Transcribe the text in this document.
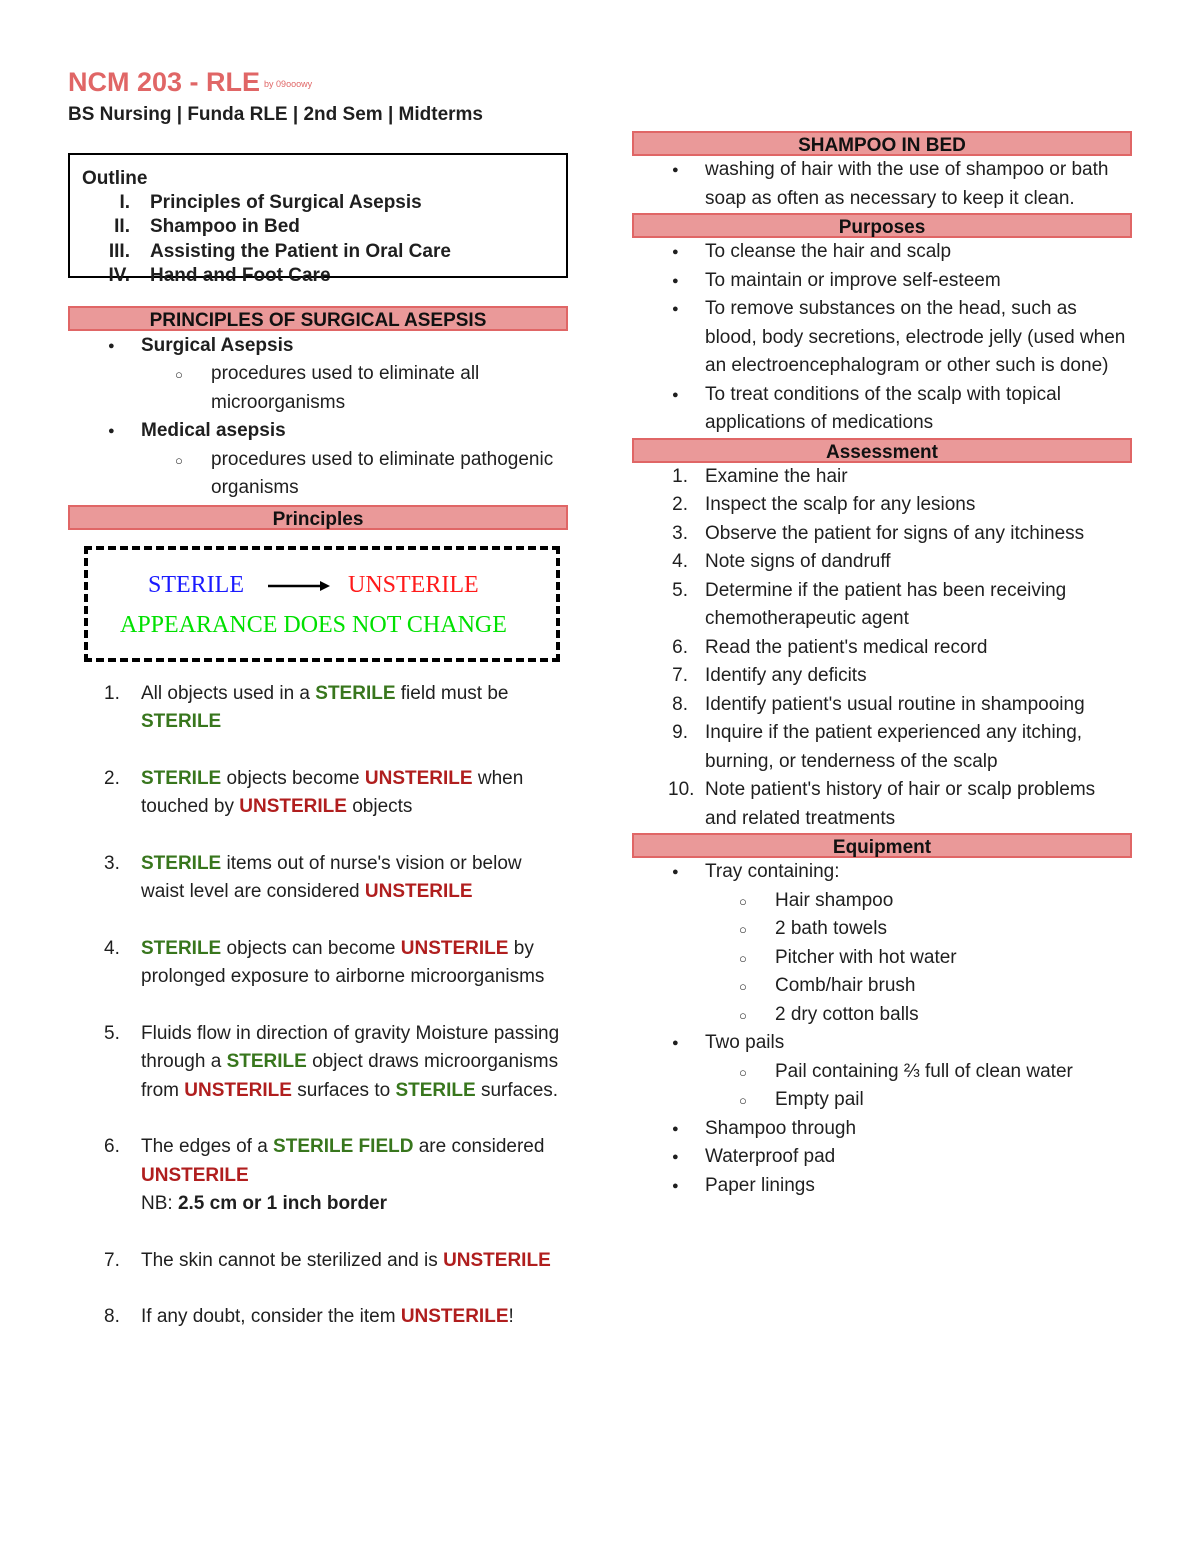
NCM 203 - RLE by 09ooowy
BS Nursing | Funda RLE | 2nd Sem | Midterms
Outline
I.	Principles of Surgical Asepsis
II.	Shampoo in Bed
III.	Assisting the Patient in Oral Care
IV.	Hand and Foot Care
PRINCIPLES OF SURGICAL ASEPSIS
● Surgical Asepsis
○ procedures used to eliminate all microorganisms
● Medical asepsis
○ procedures used to eliminate pathogenic organisms
Principles
STERILE	UNSTERILE
APPEARANCE DOES NOT CHANGE
1. All objects used in a STERILE field must be STERILE
2. STERILE objects become UNSTERILE when touched by UNSTERILE objects
3. STERILE items out of nurse's vision or below waist level are considered UNSTERILE
4. STERILE objects can become UNSTERILE by prolonged exposure to airborne microorganisms
5. Fluids flow in direction of gravity Moisture passing through a STERILE object draws microorganisms from UNSTERILE surfaces to STERILE surfaces.
6. The edges of a STERILE FIELD are considered UNSTERILE
NB: 2.5 cm or 1 inch border
7. The skin cannot be sterilized and is UNSTERILE
8. If any doubt, consider the item UNSTERILE!
SHAMPOO IN BED
● washing of hair with the use of shampoo or bath soap as often as necessary to keep it clean.
Purposes
● To cleanse the hair and scalp
● To maintain or improve self-esteem
● To remove substances on the head, such as blood, body secretions, electrode jelly (used when an electroencephalogram or other such is done)
● To treat conditions of the scalp with topical applications of medications
Assessment
1. Examine the hair
2. Inspect the scalp for any lesions
3. Observe the patient for signs of any itchiness
4. Note signs of dandruff
5. Determine if the patient has been receiving chemotherapeutic agent
6. Read the patient's medical record
7. Identify any deficits
8. Identify patient's usual routine in shampooing
9. Inquire if the patient experienced any itching, burning, or tenderness of the scalp
10. Note patient's history of hair or scalp problems and related treatments
Equipment
● Tray containing:
○ Hair shampoo
○ 2 bath towels
○ Pitcher with hot water
○ Comb/hair brush
○ 2 dry cotton balls
● Two pails
○ Pail containing ⅔ full of clean water
○ Empty pail
● Shampoo through
● Waterproof pad
● Paper linings
